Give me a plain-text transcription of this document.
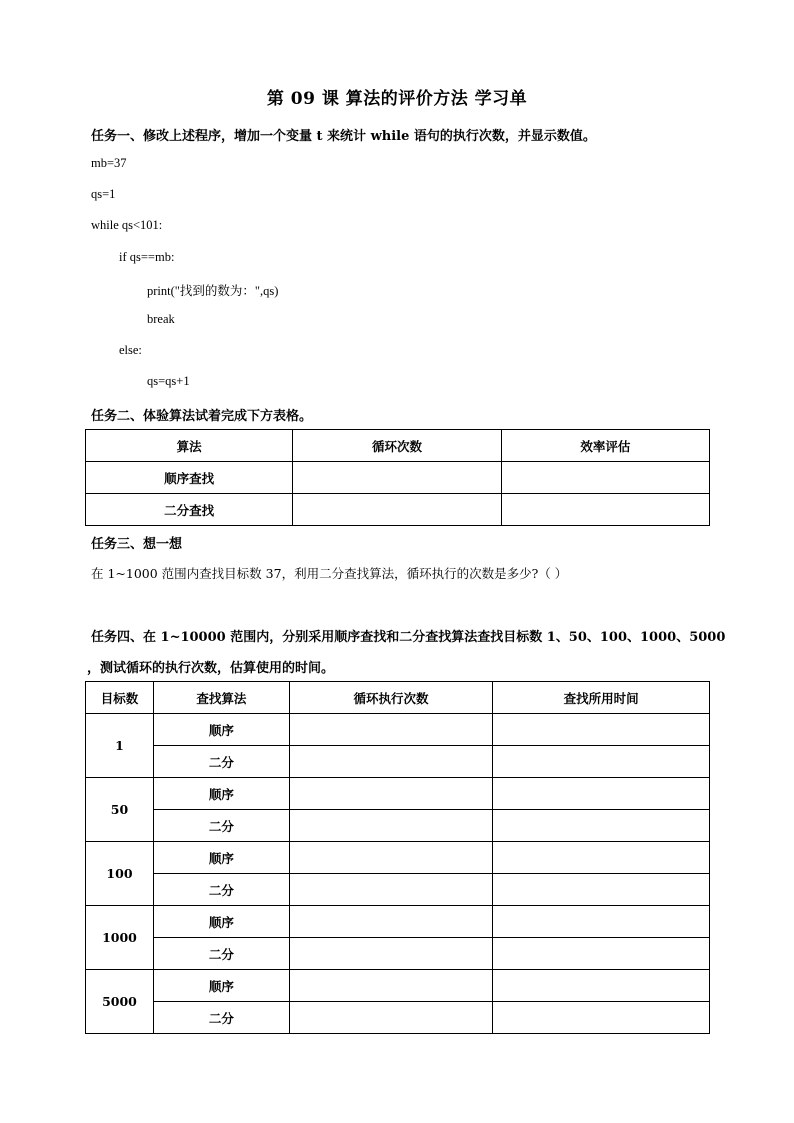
第 09 课 算法的评价方法 学习单
任务一、修改上述程序，增加一个变量 t 来统计 while 语句的执行次数，并显示数值。
mb=37
qs=1
while qs<101:
if qs==mb:
print("找到的数为：",qs)
break
else:
qs=qs+1
任务二、体验算法试着完成下方表格。
算法	循环次数	效率评估
顺序查找		
二分查找		
任务三、想一想
在 1~1000 范围内查找目标数 37，利用二分查找算法，循环执行的次数是多少?（ ）
任务四、在 1~10000 范围内，分别采用顺序查找和二分查找算法查找目标数 1、50、100、1000、5000
，测试循环的执行次数，估算使用的时间。
目标数	查找算法	循环执行次数	查找所用时间
1	顺序		
	二分		
50	顺序		
	二分		
100	顺序		
	二分		
1000	顺序		
	二分		
5000	顺序		
	二分		
